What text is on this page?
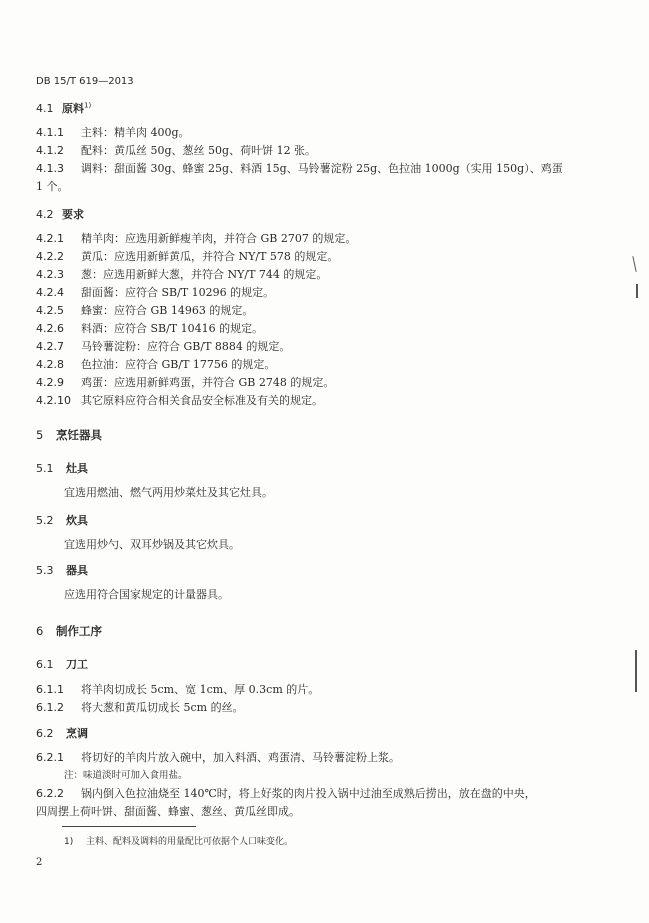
DB 15/T 619—2013
4.1 原料$^{1)}$
4.1.1 主料：精羊肉 400g。
4.1.2 配料：黄瓜丝 50g、葱丝 50g、荷叶饼 12 张。
4.1.3 调料：甜面酱 30g、蜂蜜 25g、料酒 15g、马铃薯淀粉 25g、色拉油 1000g（实用 150g）、鸡蛋
1 个。
4.2 要求
4.2.1 精羊肉：应选用新鲜瘦羊肉，并符合 GB 2707 的规定。
4.2.2 黄瓜：应选用新鲜黄瓜，并符合 NY/T 578 的规定。
4.2.3 葱：应选用新鲜大葱，并符合 NY/T 744 的规定。
4.2.4 甜面酱：应符合 SB/T 10296 的规定。
4.2.5 蜂蜜：应符合 GB 14963 的规定。
4.2.6 料酒：应符合 SB/T 10416 的规定。
4.2.7 马铃薯淀粉：应符合 GB/T 8884 的规定。
4.2.8 色拉油：应符合 GB/T 17756 的规定。
4.2.9 鸡蛋：应选用新鲜鸡蛋，并符合 GB 2748 的规定。
4.2.10 其它原料应符合相关食品安全标准及有关的规定。
5 烹饪器具
5.1 灶具
宜选用燃油、燃气两用炒菜灶及其它灶具。
5.2 炊具
宜选用炒勺、双耳炒锅及其它炊具。
5.3 器具
应选用符合国家规定的计量器具。
6 制作工序
6.1 刀工
6.1.1 将羊肉切成长 5cm、宽 1cm、厚 0.3cm 的片。
6.1.2 将大葱和黄瓜切成长 5cm 的丝。
6.2 烹调
6.2.1 将切好的羊肉片放入碗中，加入料酒、鸡蛋清、马铃薯淀粉上浆。
注：味道淡时可加入食用盐。
6.2.2 锅内倒入色拉油烧至 140℃时，将上好浆的肉片投入锅中过油至成熟后捞出，放在盘的中央，
四周摆上荷叶饼、甜面酱、蜂蜜、葱丝、黄瓜丝即成。
1) 主料、配料及调料的用量配比可依据个人口味变化。
2
